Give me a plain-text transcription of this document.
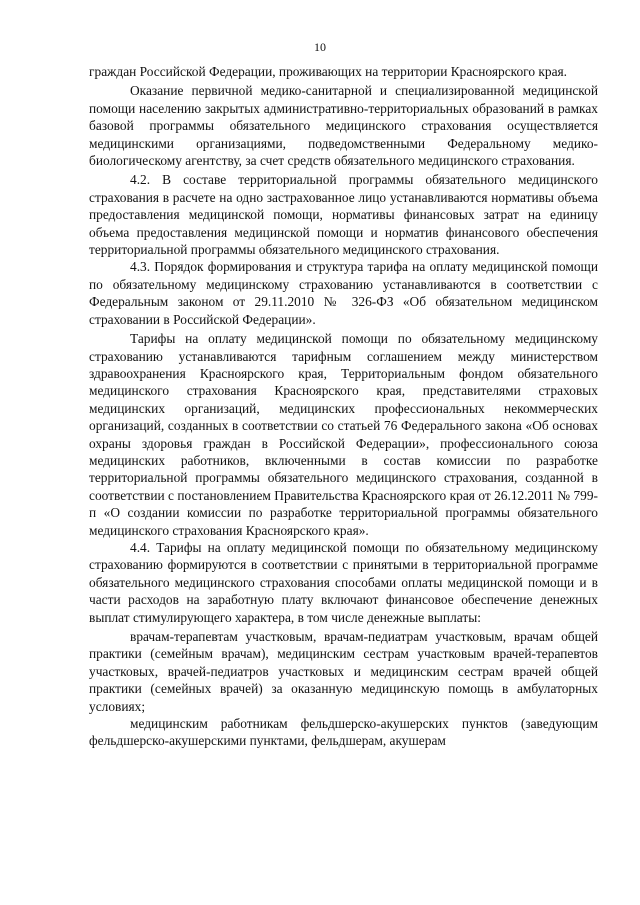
10

граждан Российской Федерации, проживающих на территории Красноярского края.

Оказание первичной медико-санитарной и специализированной медицинской помощи населению закрытых административно-территориальных образований в рамках базовой программы обязательного медицинского страхования осуществляется медицинскими организациями, подведомственными Федеральному медико-биологическому агентству, за счет средств обязательного медицинского страхования.

4.2. В составе территориальной программы обязательного медицинского страхования в расчете на одно застрахованное лицо устанавливаются нормативы объема предоставления медицинской помощи, нормативы финансовых затрат на единицу объема предоставления медицинской помощи и норматив финансового обеспечения территориальной программы обязательного медицинского страхования.

4.3. Порядок формирования и структура тарифа на оплату медицинской помощи по обязательному медицинскому страхованию устанавливаются в соответствии с Федеральным законом от 29.11.2010 № 326-ФЗ «Об обязательном медицинском страховании в Российской Федерации».

Тарифы на оплату медицинской помощи по обязательному медицинскому страхованию устанавливаются тарифным соглашением между министерством здравоохранения Красноярского края, Территориальным фондом обязательного медицинского страхования Красноярского края, представителями страховых медицинских организаций, медицинских профессиональных некоммерческих организаций, созданных в соответствии со статьей 76 Федерального закона «Об основах охраны здоровья граждан в Российской Федерации», профессионального союза медицинских работников, включенными в состав комиссии по разработке территориальной программы обязательного медицинского страхования, созданной в соответствии с постановлением Правительства Красноярского края от 26.12.2011 № 799-п «О создании комиссии по разработке территориальной программы обязательного медицинского страхования Красноярского края».

4.4. Тарифы на оплату медицинской помощи по обязательному медицинскому страхованию формируются в соответствии с принятыми в территориальной программе обязательного медицинского страхования способами оплаты медицинской помощи и в части расходов на заработную плату включают финансовое обеспечение денежных выплат стимулирующего характера, в том числе денежные выплаты:

врачам-терапевтам участковым, врачам-педиатрам участковым, врачам общей практики (семейным врачам), медицинским сестрам участковым врачей-терапевтов участковых, врачей-педиатров участковых и медицинским сестрам врачей общей практики (семейных врачей) за оказанную медицинскую помощь в амбулаторных условиях;

медицинским работникам фельдшерско-акушерских пунктов (заведующим фельдшерско-акушерскими пунктами, фельдшерам, акушерам
